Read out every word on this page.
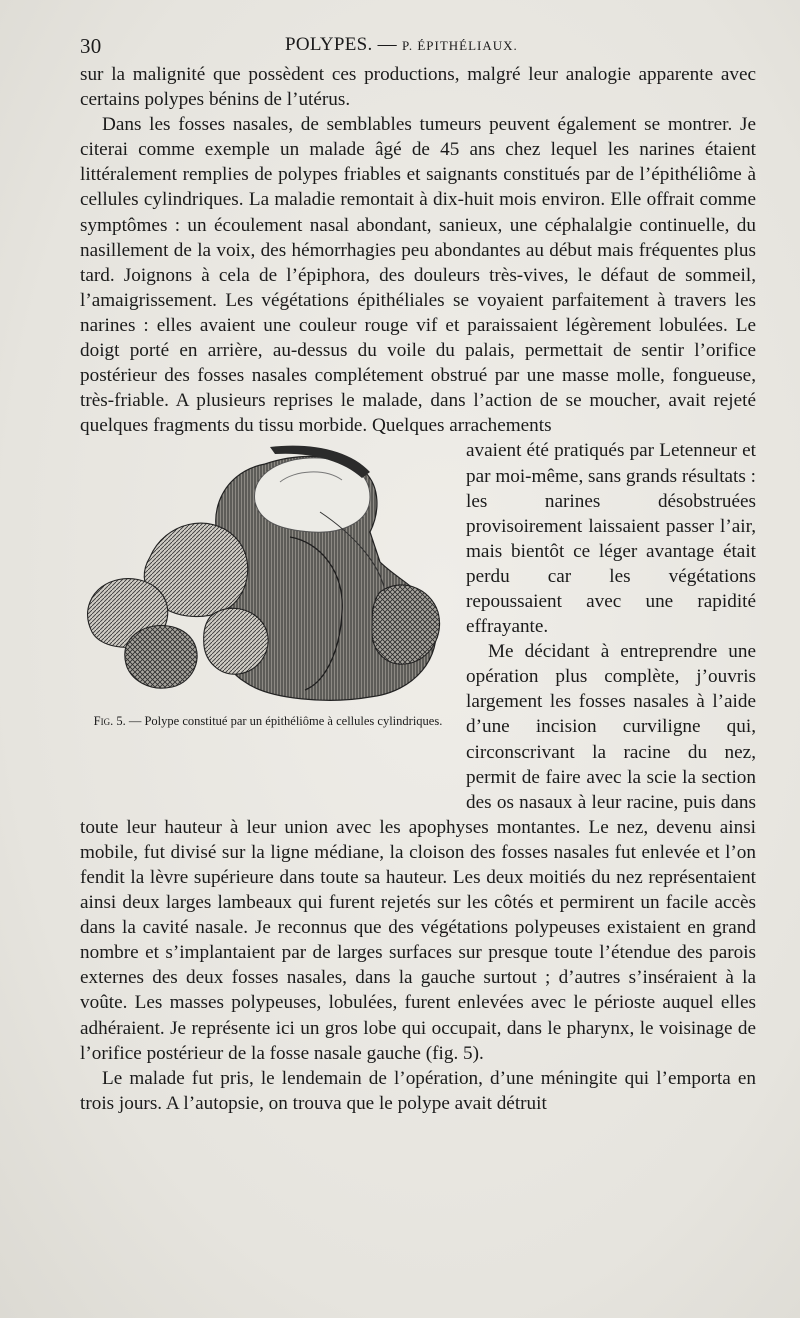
30	POLYPES. — P. ÉPITHÉLIAUX.

sur la malignité que possèdent ces productions, malgré leur analogie apparente avec certains polypes bénins de l’utérus.

Dans les fosses nasales, de semblables tumeurs peuvent également se montrer. Je citerai comme exemple un malade âgé de 45 ans chez lequel les narines étaient littéralement remplies de polypes friables et saignants constitués par de l’épithéliôme à cellules cylindriques. La maladie remontait à dix-huit mois environ. Elle offrait comme symptômes : un écoulement nasal abondant, sanieux, une céphalalgie continuelle, du nasillement de la voix, des hémorrhagies peu abondantes au début mais fréquentes plus tard. Joignons à cela de l’épiphora, des douleurs très-vives, le défaut de sommeil, l’amaigrissement. Les végétations épithéliales se voyaient parfaitement à travers les narines : elles avaient une couleur rouge vif et paraissaient légèrement lobulées. Le doigt porté en arrière, au-dessus du voile du palais, permettait de sentir l’orifice postérieur des fosses nasales complétement obstrué par une masse molle, fongueuse, très-friable. A plusieurs reprises le malade, dans l’action de se moucher, avait rejeté quelques fragments du tissu morbide. Quelques arrachements

Fig. 5. — Polype constitué par un épithéliôme à cellules cylindriques.

avaient été pratiqués par Letenneur et par moi-même, sans grands résultats : les narines désobstruées provisoirement laissaient passer l’air, mais bientôt ce léger avantage était perdu car les végétations repoussaient avec une rapidité effrayante.

Me décidant à entreprendre une opération plus complète, j’ouvris largement les fosses nasales à l’aide d’une incision curviligne qui, circonscrivant la racine du nez, permit de faire avec la scie la section des os nasaux à leur racine, puis dans toute leur hauteur à leur union avec les apophyses montantes. Le nez, devenu ainsi mobile, fut divisé sur la ligne médiane, la cloison des fosses nasales fut enlevée et l’on fendit la lèvre supérieure dans toute sa hauteur. Les deux moitiés du nez représentaient ainsi deux larges lambeaux qui furent rejetés sur les côtés et permirent un facile accès dans la cavité nasale. Je reconnus que des végétations polypeuses existaient en grand nombre et s’implantaient par de larges surfaces sur presque toute l’étendue des parois externes des deux fosses nasales, dans la gauche surtout ; d’autres s’inséraient à la voûte. Les masses polypeuses, lobulées, furent enlevées avec le périoste auquel elles adhéraient. Je représente ici un gros lobe qui occupait, dans le pharynx, le voisinage de l’orifice postérieur de la fosse nasale gauche (fig. 5).

Le malade fut pris, le lendemain de l’opération, d’une méningite qui l’emporta en trois jours. A l’autopsie, on trouva que le polype avait détruit
